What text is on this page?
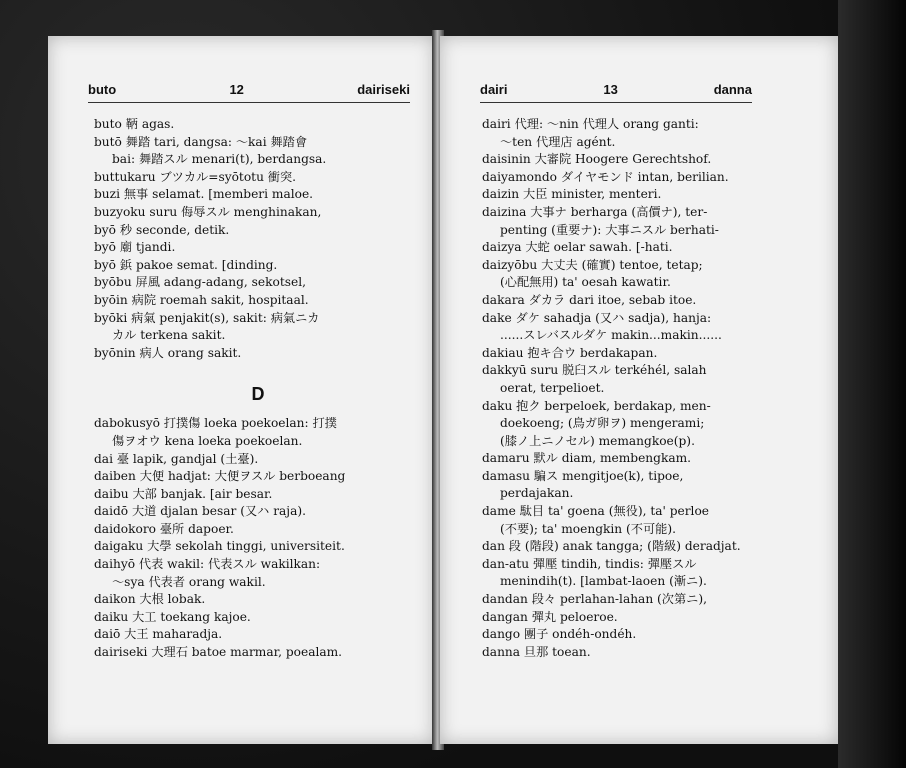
buto	12	dairiseki

buto 鞆 agas.

butō 舞踏 tari, dangsa: ～kai 舞踏會

bai: 舞踏スル menari(t), berdangsa.

buttukaru ブツカル=syōtotu 衝突.

buzi 無事 selamat. [memberi maloe.

buzyoku suru 侮辱スル menghinakan,

byō 秒 seconde, detik.

byō 廟 tjandi.

byō 鋲 pakoe semat. [dinding.

byōbu 屏風 adang-adang, sekotsel,

byōin 病院 roemah sakit, hospitaal.

byōki 病氣 penjakit(s), sakit: 病氣ニカ

カル terkena sakit.

byōnin 病人 orang sakit.

D

dabokusyō 打撲傷 loeka poekoelan: 打撲

傷ヲオウ kena loeka poekoelan.

dai 臺 lapik, gandjal (土臺).

daiben 大便 hadjat: 大便ヲスル berboeang

daibu 大部 banjak. [air besar.

daidō 大道 djalan besar (又ハ raja).

daidokoro 臺所 dapoer.

daigaku 大學 sekolah tinggi, universiteit.

daihyō 代表 wakil: 代表スル wakilkan:

～sya 代表者 orang wakil.

daikon 大根 lobak.

daiku 大工 toekang kajoe.

daiō 大王 maharadja.

dairiseki 大理石 batoe marmar, poealam.

dairi	13	danna

dairi 代理: ～nin 代理人 orang ganti:

～ten 代理店 agént.

daisinin 大審院 Hoogere Gerechtshof.

daiyamondo ダイヤモンド intan, berilian.

daizin 大臣 minister, menteri.

daizina 大事ナ berharga (高價ナ), ter-

penting (重要ナ): 大事ニスル berhati-

daizya 大蛇 oelar sawah. [-hati.

daizyōbu 大丈夫 (確實) tentoe, tetap;

(心配無用) ta' oesah kawatir.

dakara ダカラ dari itoe, sebab itoe.

dake ダケ sahadja (又ハ sadja), hanja:

......スレバスルダケ makin...makin......

dakiau 抱キ合ウ berdakapan.

dakkyū suru 脱臼スル terkéhél, salah

oerat, terpelioet.

daku 抱ク berpeloek, berdakap, men-

doekoeng; (鳥ガ卵ヲ) mengerami;

(膝ノ上ニノセル) memangkoe(p).

damaru 默ル diam, membengkam.

damasu 騙ス mengitjoe(k), tipoe,

perdajakan.

dame 駄目 ta' goena (無役), ta' perloe

(不要); ta' moengkin (不可能).

dan 段 (階段) anak tangga; (階級) deradjat.

dan-atu 彈壓 tindih, tindis: 彈壓スル

menindih(t). [lambat-laoen (漸ニ).

dandan 段々 perlahan-lahan (次第ニ),

dangan 彈丸 peloeroe.

dango 團子 ondéh-ondéh.

danna 旦那 toean.
